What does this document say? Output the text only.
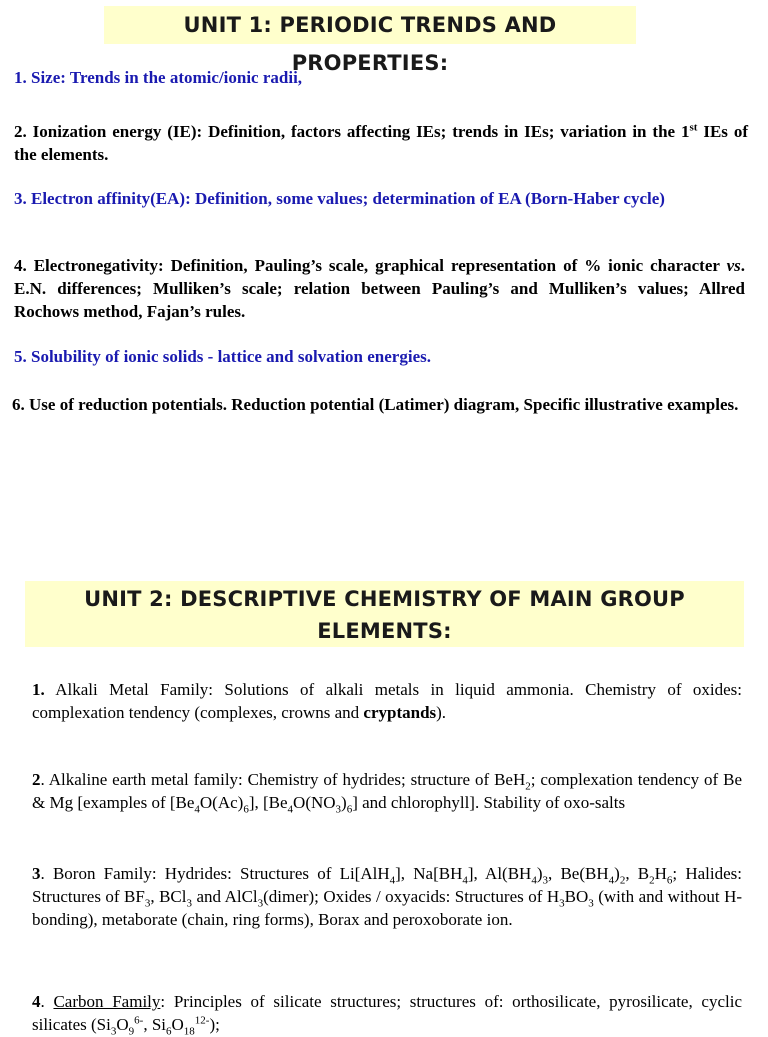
UNIT 1: PERIODIC TRENDS AND PROPERTIES:
1. Size: Trends in the atomic/ionic radii,
2. Ionization energy (IE): Definition, factors affecting IEs; trends in IEs; variation in the 1st IEs of the elements.
3. Electron affinity(EA): Definition, some values; determination of EA (Born-Haber cycle)
4. Electronegativity: Definition, Pauling’s scale, graphical representation of % ionic character vs. E.N. differences; Mulliken’s scale; relation between Pauling’s and Mulliken’s values; Allred Rochows method, Fajan’s rules.
5. Solubility of ionic solids - lattice and solvation energies.
6. Use of reduction potentials. Reduction potential (Latimer) diagram, Specific illustrative examples.
UNIT 2: DESCRIPTIVE CHEMISTRY OF MAIN GROUP
ELEMENTS:
1. Alkali Metal Family: Solutions of alkali metals in liquid ammonia. Chemistry of oxides: complexation tendency (complexes, crowns and cryptands).
2. Alkaline earth metal family: Chemistry of hydrides; structure of BeH$_2$; complexation tendency of Be & Mg [examples of $[Be_4O(Ac)_6]$, $[Be_4O(NO_3)_6]$ and chlorophyll]. Stability of oxo-salts
3. Boron Family: Hydrides: Structures of Li[AlH$_4$], $Na[BH_4]$, $Al(BH_4)_3$, $Be(BH_4)_2$, $B_2H_6$; Halides: Structures of $BF_3$, BCl$_3$ and AlCl$_3$(dimer); Oxides / oxyacids: Structures of $H_3BO_3$ (with and without H-bonding), metaborate (chain, ring forms), Borax and peroxoborate ion.
4. Carbon Family: Principles of silicate structures; structures of: orthosilicate, pyrosilicate, cyclic silicates ($Si_3O_9^{6-}$, $Si_6O_{18}^{12-}$);
